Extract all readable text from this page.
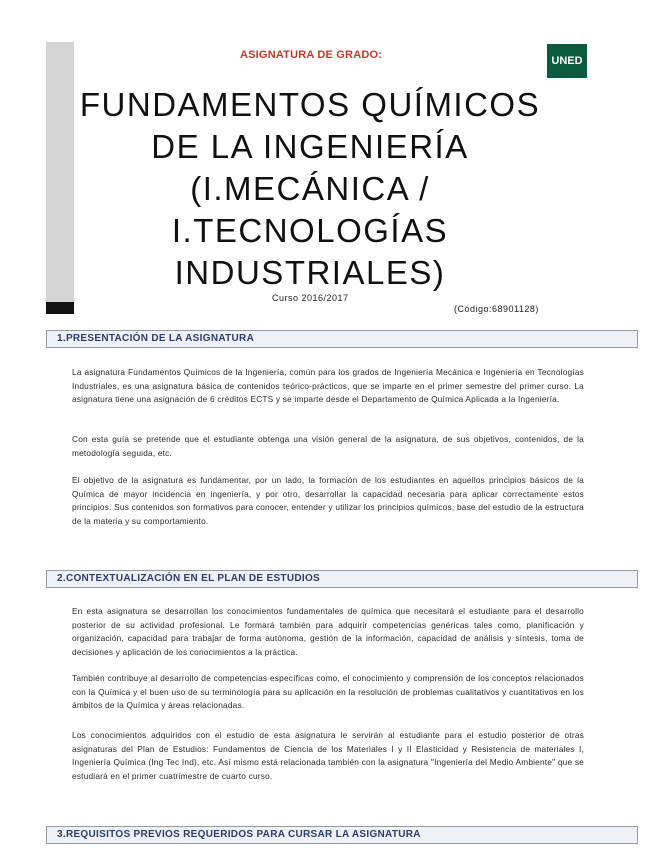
ASIGNATURA DE GRADO:	UNED
FUNDAMENTOS QUÍMICOS
DE LA INGENIERÍA
(I.MECÁNICA /
I.TECNOLOGÍAS
INDUSTRIALES)
Curso 2016/2017
(Código:68901128)
1.PRESENTACIÓN DE LA ASIGNATURA
La asignatura Fundamentos Químicos de la Ingeniería, común para los grados de Ingeniería Mecánica e Ingeniería en Tecnologías Industriales, es una asignatura básica de contenidos teórico-prácticos, que se imparte en el primer semestre del primer curso. La asignatura tiene una asignación de 6 créditos ECTS y se imparte desde el Departamento de Química Aplicada a la Ingeniería.
Con esta guía se pretende que el estudiante obtenga una visión general de la asignatura, de sus objetivos, contenidos, de la metodología seguida, etc.
El objetivo de la asignatura es fundamentar, por un lado, la formación de los estudiantes en aquellos principios básicos de la Química de mayor incidencia en ingeniería, y por otro, desarrollar la capacidad necesaria para aplicar correctamente estos principios. Sus contenidos son formativos para conocer, entender y utilizar los principios químicos, base del estudio de la estructura de la materia y su comportamiento.
2.CONTEXTUALIZACIÓN EN EL PLAN DE ESTUDIOS
En esta asignatura se desarrollan los conocimientos fundamentales de química que necesitará el estudiante para el desarrollo posterior de su actividad profesional. Le formará también para adquirir competencias genéricas tales como, planificación y organización, capacidad para trabajar de forma autónoma, gestión de la información, capacidad de análisis y síntesis, toma de decisiones y aplicación de los conocimientos a la práctica.
También contribuye al desarrollo de competencias específicas como, el conocimiento y comprensión de los conceptos relacionados con la Química y el buen uso de su terminología para su aplicación en la resolución de problemas cualitativos y cuantitativos en los ámbitos de la Química y áreas relacionadas.
Los conocimientos adquiridos con el estudio de esta asignatura le servirán al estudiante para el estudio posterior de otras asignaturas del Plan de Estudios: Fundamentos de Ciencia de los Materiales I y II Elasticidad y Resistencia de materiales I, Ingeniería Química (Ing Tec Ind), etc. Así mismo está relacionada también con la asignatura "Ingeniería del Medio Ambiente" que se estudiará en el primer cuatrimestre de cuarto curso.
3.REQUISITOS PREVIOS REQUERIDOS PARA CURSAR LA ASIGNATURA
